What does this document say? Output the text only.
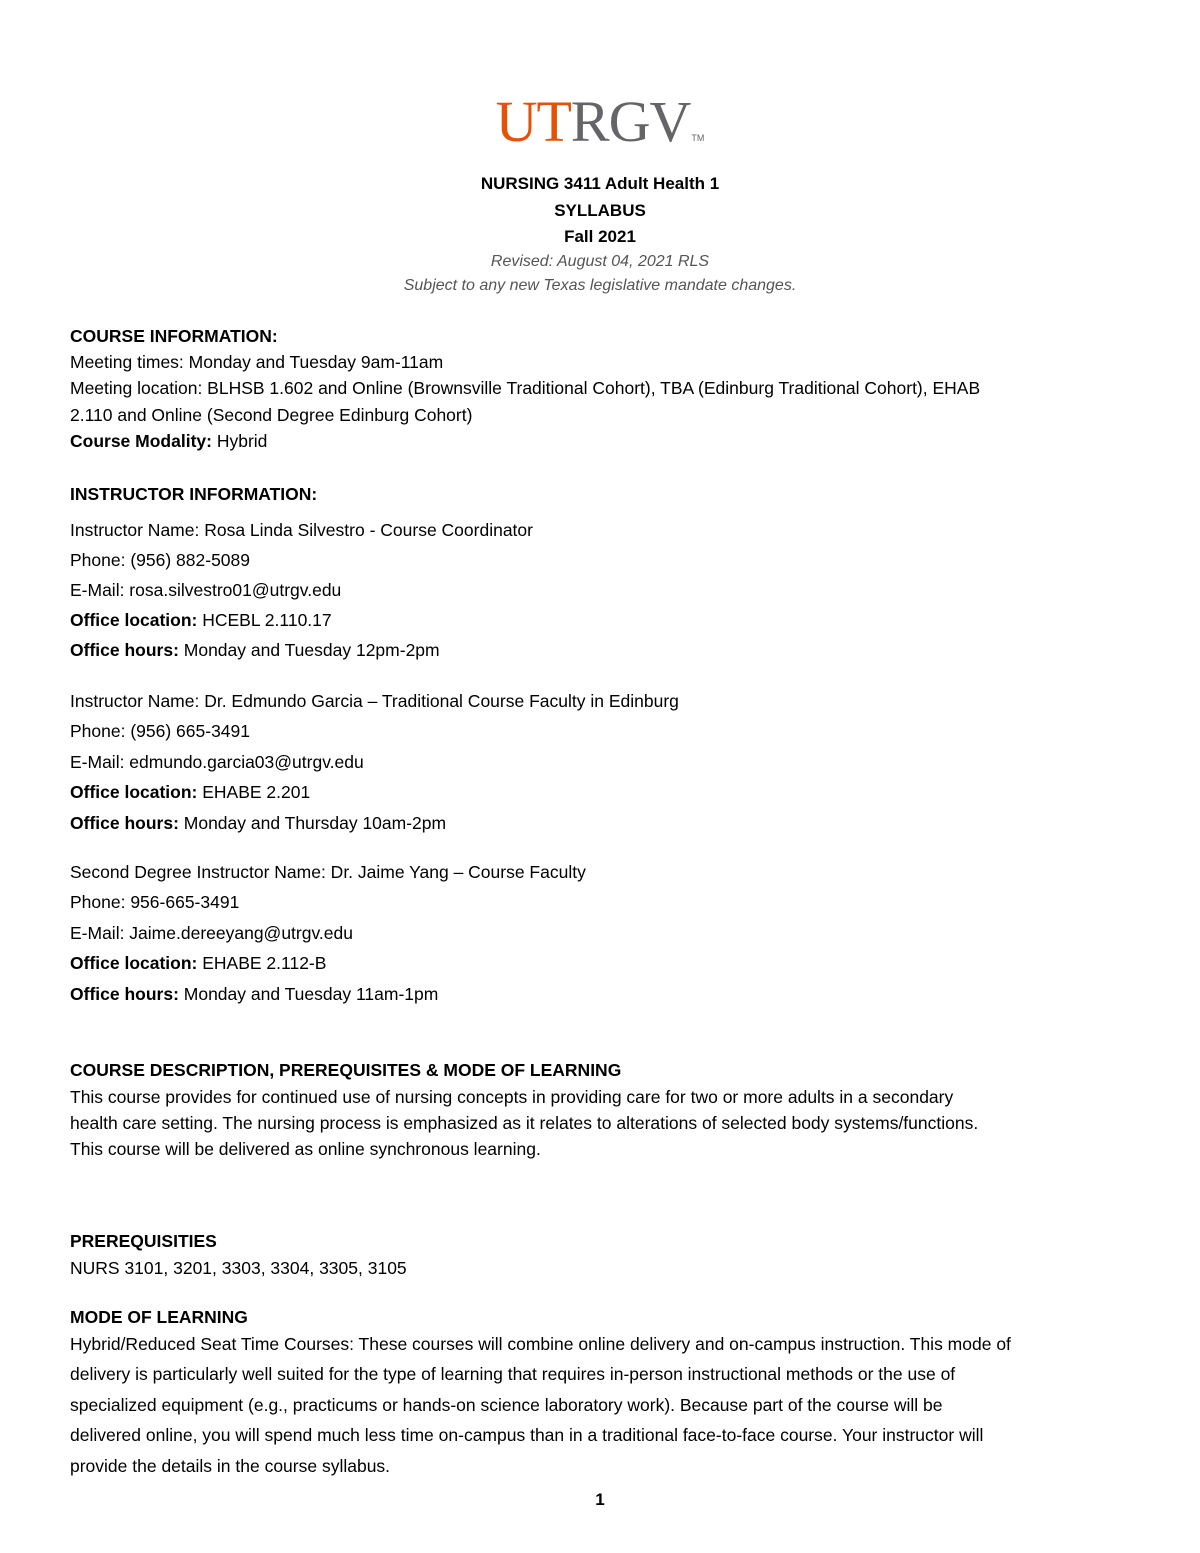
UTRGVTM
NURSING 3411 Adult Health 1
SYLLABUS
Fall 2021
Revised: August 04, 2021 RLS
Subject to any new Texas legislative mandate changes.
COURSE INFORMATION:
Meeting times: Monday and Tuesday 9am-11am
Meeting location: BLHSB 1.602 and Online (Brownsville Traditional Cohort), TBA (Edinburg Traditional Cohort), EHAB
2.110 and Online (Second Degree Edinburg Cohort)
Course Modality: Hybrid
INSTRUCTOR INFORMATION:
Instructor Name: Rosa Linda Silvestro - Course Coordinator
Phone: (956) 882-5089
E-Mail: rosa.silvestro01@utrgv.edu
Office location: HCEBL 2.110.17
Office hours: Monday and Tuesday 12pm-2pm
Instructor Name: Dr. Edmundo Garcia – Traditional Course Faculty in Edinburg
Phone: (956) 665-3491
E-Mail: edmundo.garcia03@utrgv.edu
Office location: EHABE 2.201
Office hours: Monday and Thursday 10am-2pm
Second Degree Instructor Name: Dr. Jaime Yang – Course Faculty
Phone: 956-665-3491
E-Mail: Jaime.dereeyang@utrgv.edu
Office location: EHABE 2.112-B
Office hours: Monday and Tuesday 11am-1pm
COURSE DESCRIPTION, PREREQUISITES & MODE OF LEARNING
This course provides for continued use of nursing concepts in providing care for two or more adults in a secondary
health care setting. The nursing process is emphasized as it relates to alterations of selected body systems/functions.
This course will be delivered as online synchronous learning.
PREREQUISITIES
NURS 3101, 3201, 3303, 3304, 3305, 3105
MODE OF LEARNING
Hybrid/Reduced Seat Time Courses: These courses will combine online delivery and on-campus instruction. This mode of
delivery is particularly well suited for the type of learning that requires in-person instructional methods or the use of
specialized equipment (e.g., practicums or hands-on science laboratory work). Because part of the course will be
delivered online, you will spend much less time on-campus than in a traditional face-to-face course. Your instructor will
provide the details in the course syllabus.
1
